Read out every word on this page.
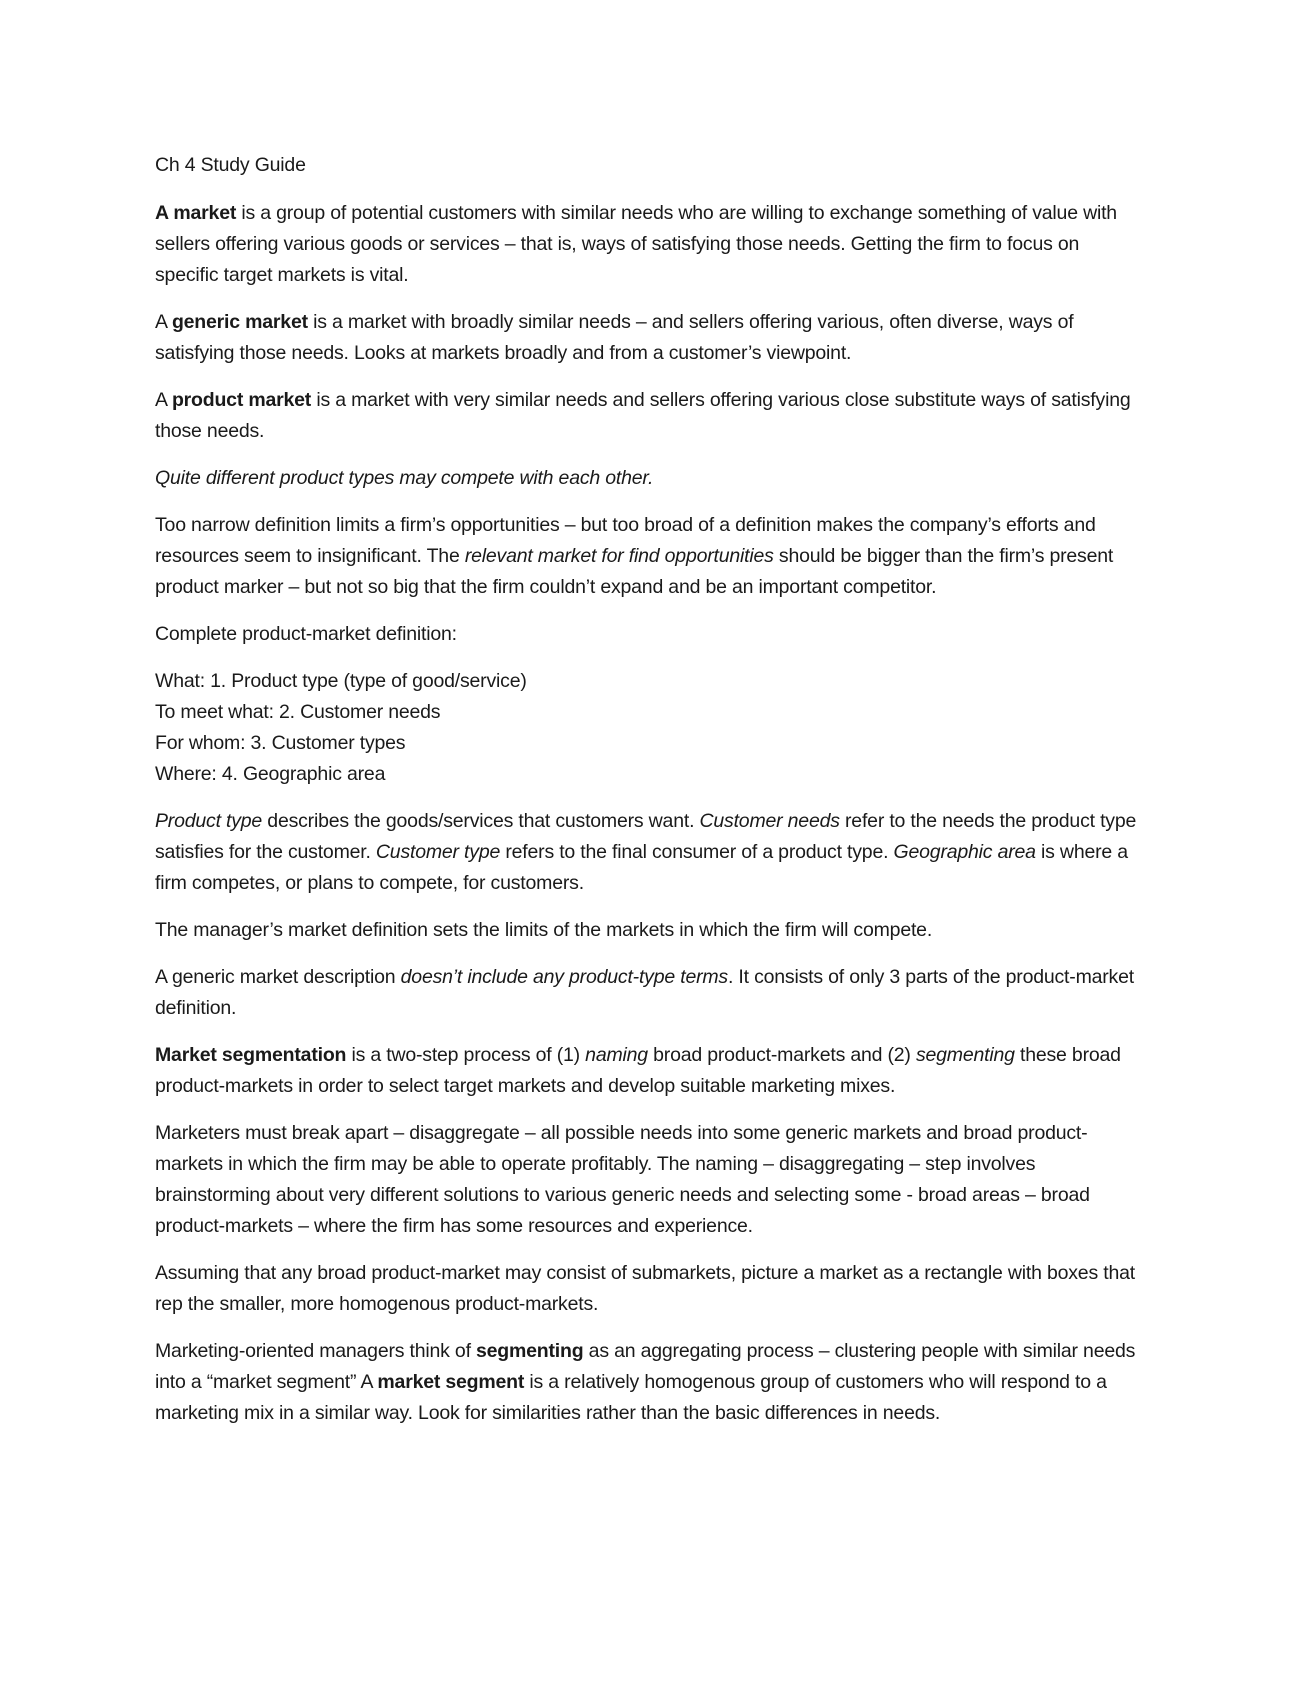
Ch 4 Study Guide

A market is a group of potential customers with similar needs who are willing to exchange something of value with sellers offering various goods or services – that is, ways of satisfying those needs. Getting the firm to focus on specific target markets is vital.

A generic market is a market with broadly similar needs – and sellers offering various, often diverse, ways of satisfying those needs. Looks at markets broadly and from a customer’s viewpoint.

A product market is a market with very similar needs and sellers offering various close substitute ways of satisfying those needs.

Quite different product types may compete with each other.

Too narrow definition limits a firm’s opportunities – but too broad of a definition makes the company’s efforts and resources seem to insignificant. The relevant market for find opportunities should be bigger than the firm’s present product marker – but not so big that the firm couldn’t expand and be an important competitor.

Complete product-market definition:

What: 1. Product type (type of good/service)
To meet what: 2. Customer needs
For whom: 3. Customer types
Where: 4. Geographic area

Product type describes the goods/services that customers want. Customer needs refer to the needs the product type satisfies for the customer. Customer type refers to the final consumer of a product type. Geographic area is where a firm competes, or plans to compete, for customers.

The manager’s market definition sets the limits of the markets in which the firm will compete.

A generic market description doesn’t include any product-type terms. It consists of only 3 parts of the product-market definition.

Market segmentation is a two-step process of (1) naming broad product-markets and (2) segmenting these broad product-markets in order to select target markets and develop suitable marketing mixes.

Marketers must break apart – disaggregate – all possible needs into some generic markets and broad product-markets in which the firm may be able to operate profitably. The naming – disaggregating – step involves brainstorming about very different solutions to various generic needs and selecting some - broad areas – broad product-markets – where the firm has some resources and experience.

Assuming that any broad product-market may consist of submarkets, picture a market as a rectangle with boxes that rep the smaller, more homogenous product-markets.

Marketing-oriented managers think of segmenting as an aggregating process – clustering people with similar needs into a “market segment” A market segment is a relatively homogenous group of customers who will respond to a marketing mix in a similar way. Look for similarities rather than the basic differences in needs.
